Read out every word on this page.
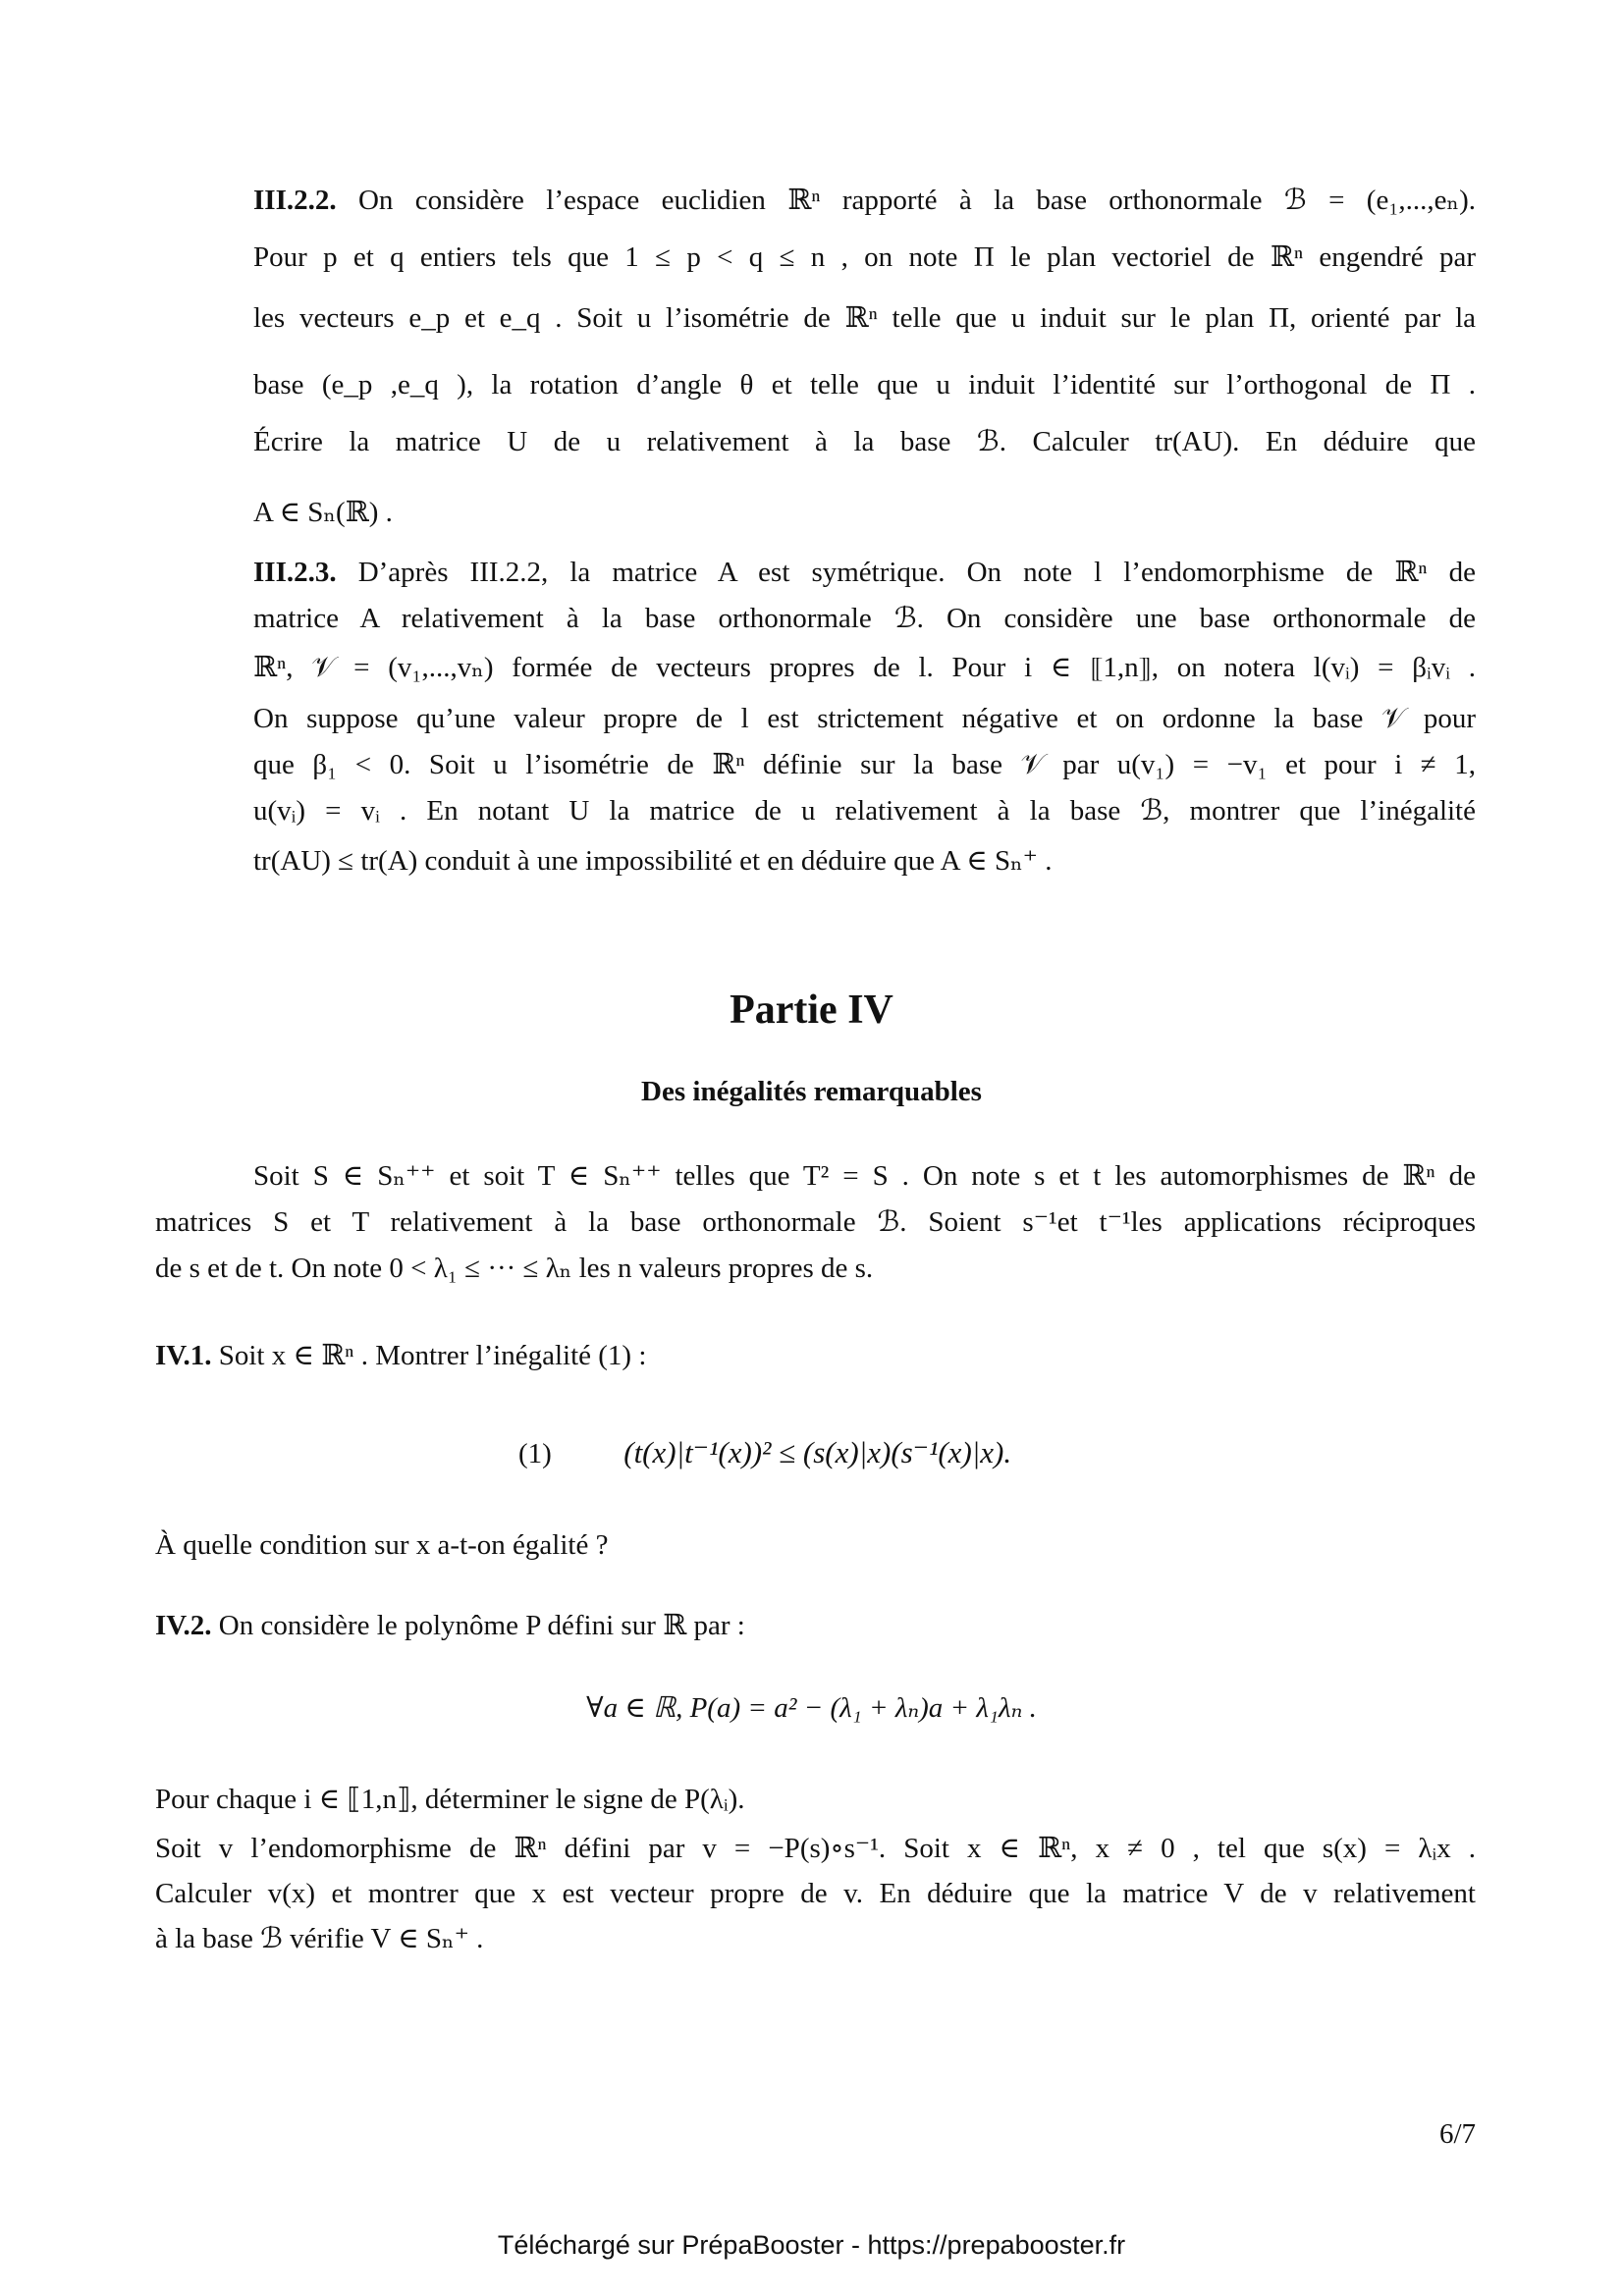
III.2.2. On considère l’espace euclidien ℝⁿ rapporté à la base orthonormale ℬ = (e₁,...,eₙ).
Pour p et q entiers tels que 1 ≤ p < q ≤ n , on note Π le plan vectoriel de ℝⁿ engendré par
les vecteurs e_p et e_q . Soit u l’isométrie de ℝⁿ telle que u induit sur le plan Π, orienté par la
base (e_p ,e_q ), la rotation d’angle θ et telle que u induit l’identité sur l’orthogonal de Π .
Écrire la matrice U de u relativement à la base ℬ. Calculer tr(AU). En déduire que
A ∈ Sₙ(ℝ) .
III.2.3. D’après III.2.2, la matrice A est symétrique. On note l l’endomorphisme de ℝⁿ de
matrice A relativement à la base orthonormale ℬ. On considère une base orthonormale de
ℝⁿ, 𝒱 = (v₁,...,vₙ) formée de vecteurs propres de l. Pour i ∈ ⟦1,n⟧, on notera l(vᵢ) = βᵢvᵢ .
On suppose qu’une valeur propre de l est strictement négative et on ordonne la base 𝒱 pour
que β₁ < 0. Soit u l’isométrie de ℝⁿ définie sur la base 𝒱 par u(v₁) = −v₁ et pour i ≠ 1,
u(vᵢ) = vᵢ . En notant U la matrice de u relativement à la base ℬ, montrer que l’inégalité
tr(AU) ≤ tr(A) conduit à une impossibilité et en déduire que A ∈ Sₙ⁺ .
Partie IV
Des inégalités remarquables
Soit S ∈ Sₙ⁺⁺ et soit T ∈ Sₙ⁺⁺ telles que T² = S . On note s et t les automorphismes de ℝⁿ de
matrices S et T relativement à la base orthonormale ℬ. Soient s⁻¹et t⁻¹les applications réciproques
de s et de t. On note 0 < λ₁ ≤ ··· ≤ λₙ les n valeurs propres de s.
IV.1. Soit x ∈ ℝⁿ . Montrer l’inégalité (1) :
(1) (t(x)|t⁻¹(x))² ≤ (s(x)|x)(s⁻¹(x)|x).
À quelle condition sur x a-t-on égalité ?
IV.2. On considère le polynôme P défini sur ℝ par :
∀a ∈ ℝ, P(a) = a² − (λ₁ + λₙ)a + λ₁λₙ .
Pour chaque i ∈ ⟦1,n⟧, déterminer le signe de P(λᵢ).
Soit v l’endomorphisme de ℝⁿ défini par v = −P(s)∘s⁻¹. Soit x ∈ ℝⁿ, x ≠ 0 , tel que s(x) = λᵢx .
Calculer v(x) et montrer que x est vecteur propre de v. En déduire que la matrice V de v relativement
à la base ℬ vérifie V ∈ Sₙ⁺ .
6/7
Téléchargé sur PrépaBooster - https://prepabooster.fr
